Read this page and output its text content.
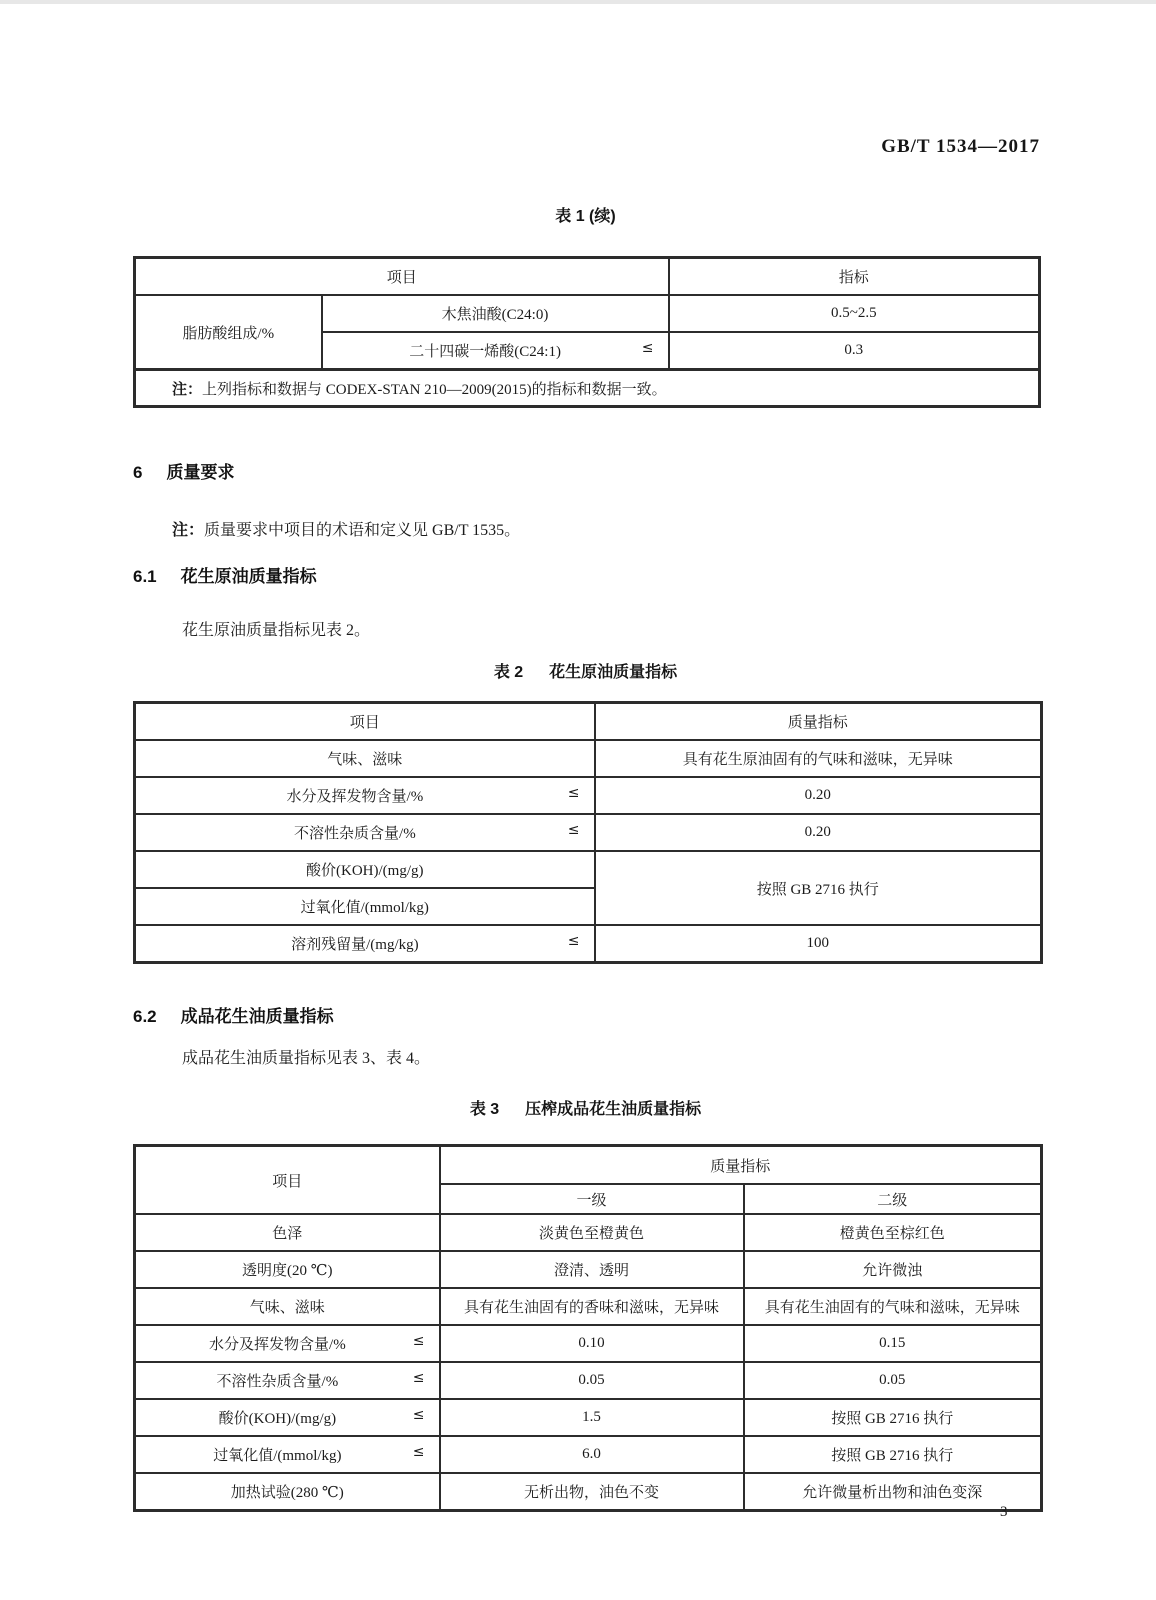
GB/T 1534—2017
表 1 (续)
项目		指标
脂肪酸组成/%	木焦油酸(C24:0)	0.5~2.5
	二十四碳一烯酸(C24:1) ≤	0.3
注：上列指标和数据与 CODEX-STAN 210—2009(2015)的指标和数据一致。		
6 质量要求
注：质量要求中项目的术语和定义见 GB/T 1535。
6.1 花生原油质量指标
花生原油质量指标见表 2。
表 2 花生原油质量指标
项目	质量指标
气味、滋味	具有花生原油固有的气味和滋味，无异味
水分及挥发物含量/% ≤	0.20
不溶性杂质含量/% ≤	0.20
酸价(KOH)/(mg/g)	按照 GB 2716 执行
过氧化值/(mmol/kg)	

溶剂残留量/(mg/kg) ≤	100
6.2 成品花生油质量指标
成品花生油质量指标见表 3、表 4。
表 3 压榨成品花生油质量指标
项目	质量指标	
	一级	二级
色泽	淡黄色至橙黄色	橙黄色至棕红色
透明度(20 ℃)	澄清、透明	允许微浊
气味、滋味	具有花生油固有的香味和滋味，无异味	具有花生油固有的气味和滋味，无异味
水分及挥发物含量/% ≤	0.10	0.15
不溶性杂质含量/% ≤	0.05	0.05
酸价(KOH)/(mg/g) ≤	1.5	按照 GB 2716 执行
过氧化值/(mmol/kg) ≤	6.0	按照 GB 2716 执行
加热试验(280 ℃)	无析出物，油色不变	允许微量析出物和油色变深
3
